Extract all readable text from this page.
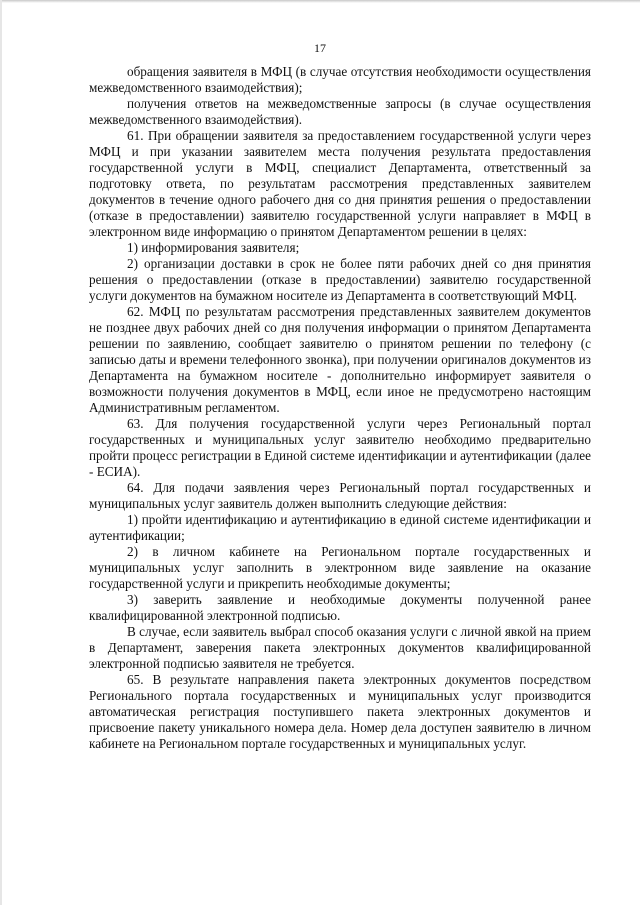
17

обращения заявителя в МФЦ (в случае отсутствия необходимости осуществления межведомственного взаимодействия);

получения ответов на межведомственные запросы (в случае осуществления межведомственного взаимодействия).

61. При обращении заявителя за предоставлением государственной услуги через МФЦ и при указании заявителем места получения результата предоставления государственной услуги в МФЦ, специалист Департамента, ответственный за подготовку ответа, по результатам рассмотрения представленных заявителем документов в течение одного рабочего дня со дня принятия решения о предоставлении (отказе в предоставлении) заявителю государственной услуги направляет в МФЦ в электронном виде информацию о принятом Департаментом решении в целях:

1) информирования заявителя;

2) организации доставки в срок не более пяти рабочих дней со дня принятия решения о предоставлении (отказе в предоставлении) заявителю государственной услуги документов на бумажном носителе из Департамента в соответствующий МФЦ.

62. МФЦ по результатам рассмотрения представленных заявителем документов не позднее двух рабочих дней со дня получения информации о принятом Департамента решении по заявлению, сообщает заявителю о принятом решении по телефону (с записью даты и времени телефонного звонка), при получении оригиналов документов из Департамента на бумажном носителе - дополнительно информирует заявителя о возможности получения документов в МФЦ, если иное не предусмотрено настоящим Административным регламентом.

63. Для получения государственной услуги через Региональный портал государственных и муниципальных услуг заявителю необходимо предварительно пройти процесс регистрации в Единой системе идентификации и аутентификации (далее - ЕСИА).

64. Для подачи заявления через Региональный портал государственных и муниципальных услуг заявитель должен выполнить следующие действия:

1) пройти идентификацию и аутентификацию в единой системе идентификации и аутентификации;

2) в личном кабинете на Региональном портале государственных и муниципальных услуг заполнить в электронном виде заявление на оказание государственной услуги и прикрепить необходимые документы;

3) заверить заявление и необходимые документы полученной ранее квалифицированной электронной подписью.

В случае, если заявитель выбрал способ оказания услуги с личной явкой на прием в Департамент, заверения пакета электронных документов квалифицированной электронной подписью заявителя не требуется.

65. В результате направления пакета электронных документов посредством Регионального портала государственных и муниципальных услуг производится автоматическая регистрация поступившего пакета электронных документов и присвоение пакету уникального номера дела. Номер дела доступен заявителю в личном кабинете на Региональном портале государственных и муниципальных услуг.
